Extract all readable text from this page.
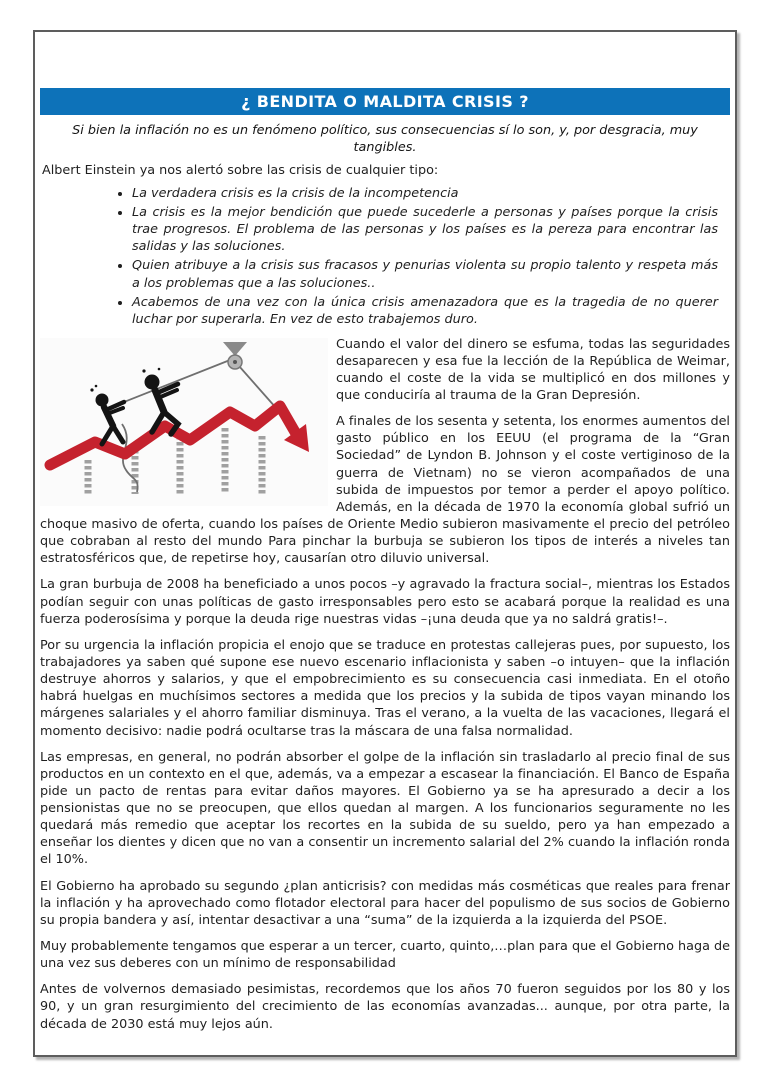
¿ BENDITA O MALDITA CRISIS ?

Si bien la inflación no es un fenómeno político, sus consecuencias sí lo son, y, por desgracia, muy tangibles.

Albert Einstein ya nos alertó sobre las crisis de cualquier tipo:

• La verdadera crisis es la crisis de la incompetencia
• La crisis es la mejor bendición que puede sucederle a personas y países porque la crisis trae progresos. El problema de las personas y los países es la pereza para encontrar las salidas y las soluciones.
• Quien atribuye a la crisis sus fracasos y penurias violenta su propio talento y respeta más a los problemas que a las soluciones..
• Acabemos de una vez con la única crisis amenazadora que es la tragedia de no querer luchar por superarla. En vez de esto trabajemos duro.

Cuando el valor del dinero se esfuma, todas las seguridades desaparecen y esa fue la lección de la República de Weimar, cuando el coste de la vida se multiplicó en dos millones y que conduciría al trauma de la Gran Depresión.

A finales de los sesenta y setenta, los enormes aumentos del gasto público en los EEUU (el programa de la “Gran Sociedad” de Lyndon B. Johnson y el coste vertiginoso de la guerra de Vietnam) no se vieron acompañados de una subida de impuestos por temor a perder el apoyo político. Además, en la década de 1970 la economía global sufrió un choque masivo de oferta, cuando los países de Oriente Medio subieron masivamente el precio del petróleo que cobraban al resto del mundo Para pinchar la burbuja se subieron los tipos de interés a niveles tan estratosféricos que, de repetirse hoy, causarían otro diluvio universal.

La gran burbuja de 2008 ha beneficiado a unos pocos –y agravado la fractura social–, mientras los Estados podían seguir con unas políticas de gasto irresponsables pero esto se acabará porque la realidad es una fuerza poderosísima y porque la deuda rige nuestras vidas –¡una deuda que ya no saldrá gratis!–.

Por su urgencia la inflación propicia el enojo que se traduce en protestas callejeras pues, por supuesto, los trabajadores ya saben qué supone ese nuevo escenario inflacionista y saben –o intuyen– que la inflación destruye ahorros y salarios, y que el empobrecimiento es su consecuencia casi inmediata. En el otoño habrá huelgas en muchísimos sectores a medida que los precios y la subida de tipos vayan minando los márgenes salariales y el ahorro familiar disminuya. Tras el verano, a la vuelta de las vacaciones, llegará el momento decisivo: nadie podrá ocultarse tras la máscara de una falsa normalidad.

Las empresas, en general, no podrán absorber el golpe de la inflación sin trasladarlo al precio final de sus productos en un contexto en el que, además, va a empezar a escasear la financiación. El Banco de España pide un pacto de rentas para evitar daños mayores. El Gobierno ya se ha apresurado a decir a los pensionistas que no se preocupen, que ellos quedan al margen. A los funcionarios seguramente no les quedará más remedio que aceptar los recortes en la subida de su sueldo, pero ya han empezado a enseñar los dientes y dicen que no van a consentir un incremento salarial del 2% cuando la inflación ronda el 10%.

El Gobierno ha aprobado su segundo ¿plan anticrisis? con medidas más cosméticas que reales para frenar la inflación y ha aprovechado como flotador electoral para hacer del populismo de sus socios de Gobierno su propia bandera y así, intentar desactivar a una “suma” de la izquierda a la izquierda del PSOE.

Muy probablemente tengamos que esperar a un tercer, cuarto, quinto,…plan para que el Gobierno haga de una vez sus deberes con un mínimo de responsabilidad

Antes de volvernos demasiado pesimistas, recordemos que los años 70 fueron seguidos por los 80 y los 90, y un gran resurgimiento del crecimiento de las economías avanzadas... aunque, por otra parte, la década de 2030 está muy lejos aún.
